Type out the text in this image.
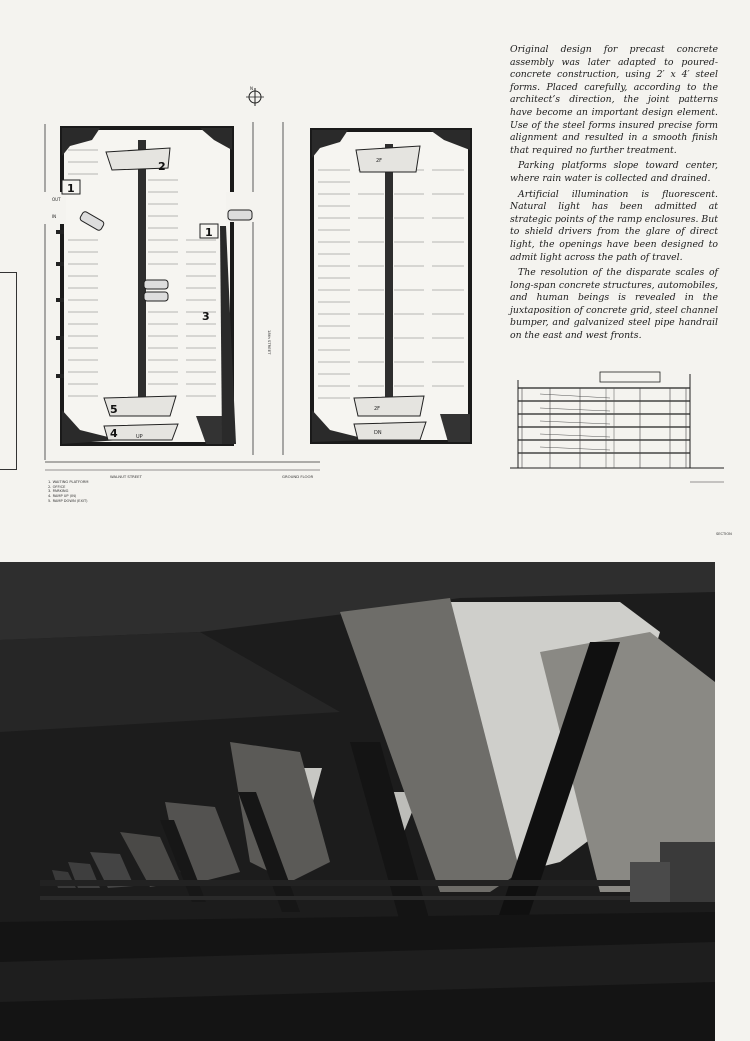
N
1
2
1
3
5
4
OUT
IN
18th STREET
2F
2F
DN
UP
WALNUT STREET	GROUND FLOOR
1. WAITING PLATFORM
2. OFFICE
3. PARKING
4. RAMP UP (IN)
5. RAMP DOWN (EXIT)

Original design for precast concrete assembly was later adapted to poured-concrete construction, using 2′ x 4′ steel forms. Placed carefully, according to the architect’s direction, the joint patterns have become an important design element. Use of the steel forms insured precise form alignment and resulted in a smooth finish that required no further treatment.

Parking platforms slope toward center, where rain water is collected and drained.

Artificial illumination is fluorescent. Natural light has been admitted at strategic points of the ramp enclosures. But to shield drivers from the glare of direct light, the openings have been designed to admit light across the path of travel.

The resolution of the disparate scales of long-span concrete structures, automobiles, and human beings is revealed in the juxtaposition of concrete grid, steel channel bumper, and galvanized steel pipe handrail on the east and west fronts.

SECTION
